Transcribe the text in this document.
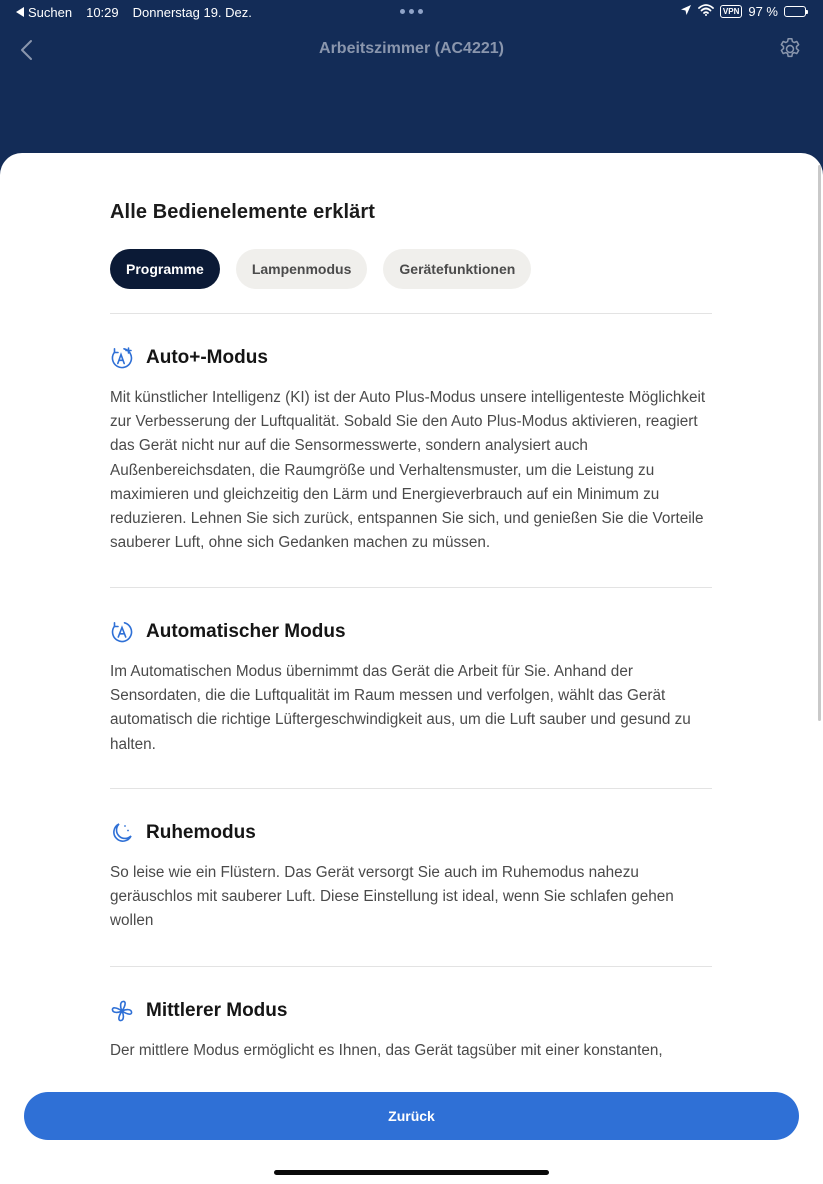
Suchen 10:29 Donnerstag 19. Dez.	VPN 97 %
Arbeitszimmer (AC4221)
Alle Bedienelemente erklärt
Programme	Lampenmodus	Gerätefunktionen
Auto+-Modus
Mit künstlicher Intelligenz (KI) ist der Auto Plus-Modus unsere intelligenteste Möglichkeit zur Verbesserung der Luftqualität. Sobald Sie den Auto Plus-Modus aktivieren, reagiert das Gerät nicht nur auf die Sensormesswerte, sondern analysiert auch Außenbereichsdaten, die Raumgröße und Verhaltensmuster, um die Leistung zu maximieren und gleichzeitig den Lärm und Energieverbrauch auf ein Minimum zu reduzieren. Lehnen Sie sich zurück, entspannen Sie sich, und genießen Sie die Vorteile sauberer Luft, ohne sich Gedanken machen zu müssen.
Automatischer Modus
Im Automatischen Modus übernimmt das Gerät die Arbeit für Sie. Anhand der Sensordaten, die die Luftqualität im Raum messen und verfolgen, wählt das Gerät automatisch die richtige Lüftergeschwindigkeit aus, um die Luft sauber und gesund zu halten.
Ruhemodus
So leise wie ein Flüstern. Das Gerät versorgt Sie auch im Ruhemodus nahezu geräuschlos mit sauberer Luft. Diese Einstellung ist ideal, wenn Sie schlafen gehen wollen
Mittlerer Modus
Der mittlere Modus ermöglicht es Ihnen, das Gerät tagsüber mit einer konstanten,
Zurück
